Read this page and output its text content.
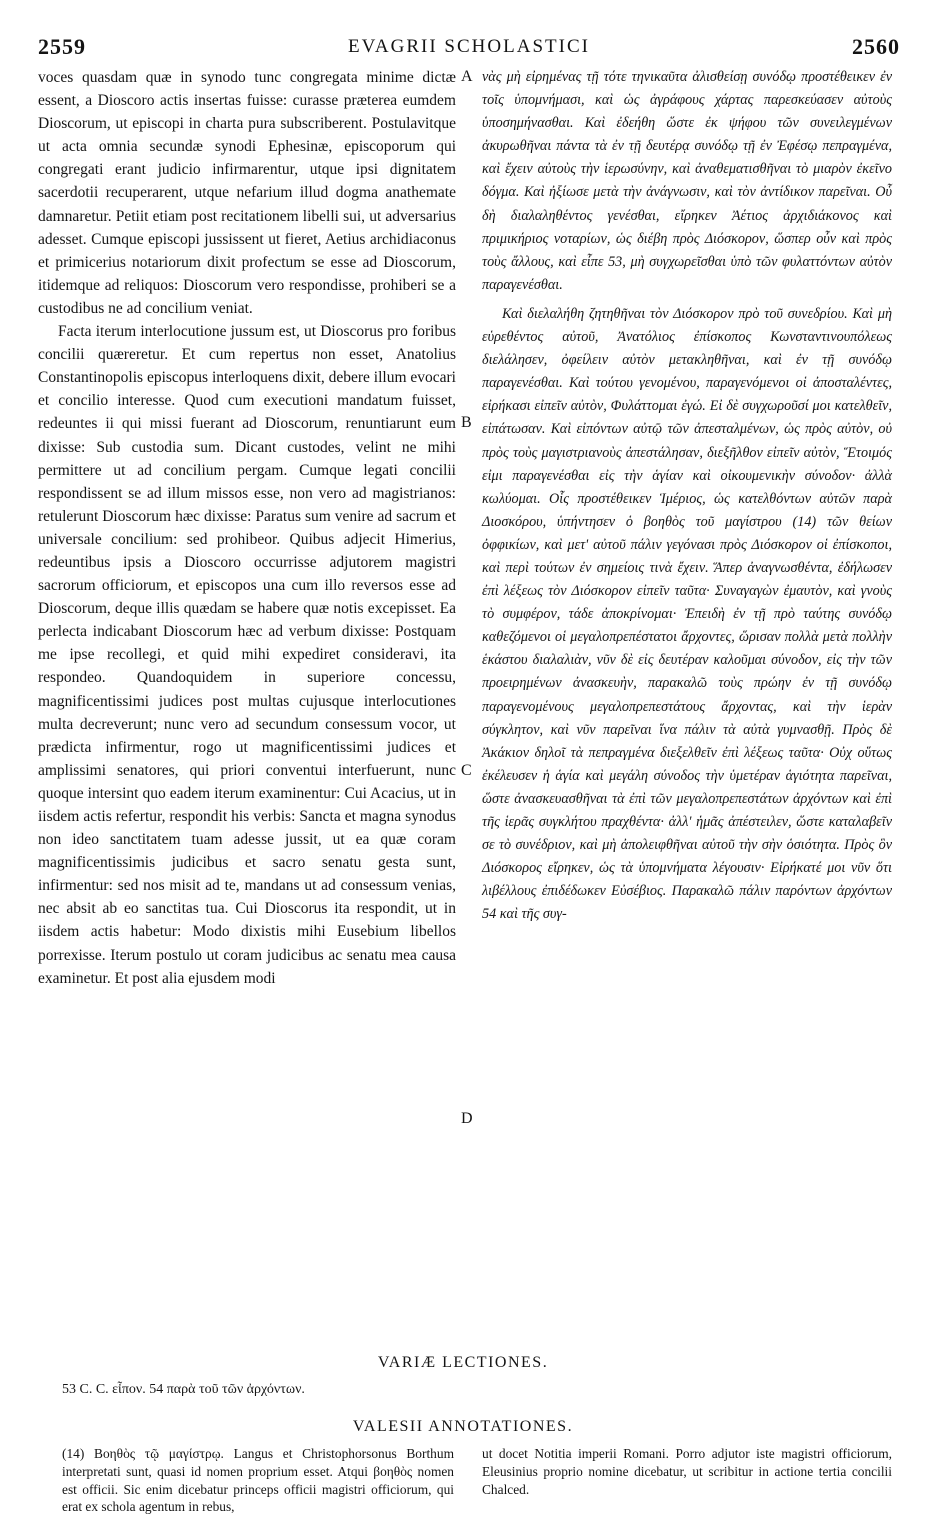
2559	EVAGRII SCHOLASTICI	2560

voces quasdam quæ in synodo tunc congregata minime dictæ essent, a Dioscoro actis insertas fuisse: curasse præterea eumdem Dioscorum, ut episcopi in charta pura subscriberent. Postulavitque ut acta omnia secundæ synodi Ephesinæ, episcoporum qui congregati erant judicio infirmarentur, utque ipsi dignitatem sacerdotii recuperarent, utque nefarium illud dogma anathemate damnaretur. Petiit etiam post recitationem libelli sui, ut adversarius adesset. Cumque episcopi jussissent ut fieret, Aetius archidiaconus et primicerius notariorum dixit profectum se esse ad Dioscorum, itidemque ad reliquos: Dioscorum vero respondisse, prohiberi se a custodibus ne ad concilium veniat.

Facta iterum interlocutione jussum est, ut Dioscorus pro foribus concilii quæreretur. Et cum repertus non esset, Anatolius Constantinopolis episcopus interloquens dixit, debere illum evocari et concilio interesse. Quod cum executioni mandatum fuisset, redeuntes ii qui missi fuerant ad Dioscorum, renuntiarunt eum dixisse: Sub custodia sum. Dicant custodes, velint ne mihi permittere ut ad concilium pergam. Cumque legati concilii respondissent se ad illum missos esse, non vero ad magistrianos: retulerunt Dioscorum hæc dixisse: Paratus sum venire ad sacrum et universale concilium: sed prohibeor. Quibus adjecit Himerius, redeuntibus ipsis a Dioscoro occurrisse adjutorem magistri sacrorum officiorum, et episcopos una cum illo reversos esse ad Dioscorum, deque illis quædam se habere quæ notis excepisset. Ea perlecta indicabant Dioscorum hæc ad verbum dixisse: Postquam me ipse recollegi, et quid mihi expediret consideravi, ita respondeo. Quandoquidem in superiore concessu, magnificentissimi judices post multas cujusque interlocutiones multa decreverunt; nunc vero ad secundum consessum vocor, ut prædicta infirmentur, rogo ut magnificentissimi judices et amplissimi senatores, qui priori conventui interfuerunt, nunc quoque intersint quo eadem iterum examinentur: Cui Acacius, ut in iisdem actis refertur, respondit his verbis: Sancta et magna synodus non ideo sanctitatem tuam adesse jussit, ut ea quæ coram magnificentissimis judicibus et sacro senatu gesta sunt, infirmentur: sed nos misit ad te, mandans ut ad consessum venias, nec absit ab eo sanctitas tua. Cui Dioscorus ita respondit, ut in iisdem actis habetur: Modo dixistis mihi Eusebium libellos porrexisse. Iterum postulo ut coram judicibus ac senatu mea causa examinetur. Et post alia ejusdem modi

A
B
C
D

νὰς μὴ εἰρημένας τῇ τότε τηνικαῦτα ἀλισθείσῃ συνόδῳ προστέθεικεν ἐν τοῖς ὑπομνήμασι, καὶ ὡς ἀγράφους χάρτας παρεσκεύασεν αὐτοὺς ὑποσημήνασθαι. Καὶ ἐδεήθη ὥστε ἐκ ψήφου τῶν συνειλεγμένων ἀκυρωθῆναι πάντα τὰ ἐν τῇ δευτέρᾳ συνόδῳ τῇ ἐν Ἐφέσῳ πεπραγμένα, καὶ ἔχειν αὐτοὺς τὴν ἱερωσύνην, καὶ ἀναθεματισθῆναι τὸ μιαρὸν ἐκεῖνο δόγμα. Καὶ ἠξίωσε μετὰ τὴν ἀνάγνωσιν, καὶ τὸν ἀντίδικον παρεῖναι. Οὗ δὴ διαλαληθέντος γενέσθαι, εἴρηκεν Ἀέτιος ἀρχιδιάκονος καὶ πριμικήριος νοταρίων, ὡς διέβη πρὸς Διόσκορον, ὥσπερ οὖν καὶ πρὸς τοὺς ἄλλους, καὶ εἶπε 53, μὴ συγχωρεῖσθαι ὑπὸ τῶν φυλαττόντων αὐτὸν παραγενέσθαι.

Καὶ διελαλήθη ζητηθῆναι τὸν Διόσκορον πρὸ τοῦ συνεδρίου. Καὶ μὴ εὑρεθέντος αὐτοῦ, Ἀνατόλιος ἐπίσκοπος Κωνσταντινουπόλεως διελάλησεν, ὀφείλειν αὐτὸν μετακληθῆναι, καὶ ἐν τῇ συνόδῳ παραγενέσθαι. Καὶ τούτου γενομένου, παραγενόμενοι οἱ ἀποσταλέντες, εἰρήκασι εἰπεῖν αὐτὸν, Φυλάττομαι ἐγώ. Εἰ δὲ συγχωροῦσί μοι κατελθεῖν, εἰπάτωσαν. Καὶ εἰπόντων αὐτῷ τῶν ἀπεσταλμένων, ὡς πρὸς αὐτὸν, οὐ πρὸς τοὺς μαγιστριανοὺς ἀπεστάλησαν, διεξῆλθον εἰπεῖν αὐτὸν, Ἕτοιμός εἰμι παραγενέσθαι εἰς τὴν ἁγίαν καὶ οἰκουμενικὴν σύνοδον· ἀλλὰ κωλύομαι. Οἷς προστέθεικεν Ἱμέριος, ὡς κατελθόντων αὐτῶν παρὰ Διοσκόρου, ὑπήντησεν ὁ βοηθὸς τοῦ μαγίστρου (14) τῶν θείων ὀφφικίων, καὶ μετ' αὐτοῦ πάλιν γεγόνασι πρὸς Διόσκορον οἱ ἐπίσκοποι, καὶ περὶ τούτων ἐν σημείοις τινὰ ἔχειν. Ἅπερ ἀναγνωσθέντα, ἐδήλωσεν ἐπὶ λέξεως τὸν Διόσκορον εἰπεῖν ταῦτα· Συναγαγὼν ἐμαυτὸν, καὶ γνοὺς τὸ συμφέρον, τάδε ἀποκρίνομαι· Ἐπειδὴ ἐν τῇ πρὸ ταύτης συνόδῳ καθεζόμενοι οἱ μεγαλοπρεπέστατοι ἄρχοντες, ὥρισαν πολλὰ μετὰ πολλὴν ἑκάστου διαλαλιὰν, νῦν δὲ εἰς δευτέραν καλοῦμαι σύνοδον, εἰς τὴν τῶν προειρημένων ἀνασκευὴν, παρακαλῶ τοὺς πρώην ἐν τῇ συνόδῳ παραγενομένους μεγαλοπρεπεστάτους ἄρχοντας, καὶ τὴν ἱερὰν σύγκλητον, καὶ νῦν παρεῖναι ἵνα πάλιν τὰ αὐτὰ γυμνασθῇ. Πρὸς δὲ Ἀκάκιον δηλοῖ τὰ πεπραγμένα διεξελθεῖν ἐπὶ λέξεως ταῦτα· Οὐχ οὕτως ἐκέλευσεν ἡ ἁγία καὶ μεγάλη σύνοδος τὴν ὑμετέραν ἁγιότητα παρεῖναι, ὥστε ἀνασκευασθῆναι τὰ ἐπὶ τῶν μεγαλοπρεπεστάτων ἀρχόντων καὶ ἐπὶ τῆς ἱερᾶς συγκλήτου πραχθέντα· ἀλλ' ἡμᾶς ἀπέστειλεν, ὥστε καταλαβεῖν σε τὸ συνέδριον, καὶ μὴ ἀπολειφθῆναι αὐτοῦ τὴν σὴν ὁσιότητα. Πρὸς ὃν Διόσκορος εἴρηκεν, ὡς τὰ ὑπομνήματα λέγουσιν· Εἰρήκατέ μοι νῦν ὅτι λιβέλλους ἐπιδέδωκεν Εὐσέβιος. Παρακαλῶ πάλιν παρόντων ἀρχόντων 54 καὶ τῆς συγ-

VARIÆ LECTIONES.
53 C. C. εἶπον. 54 παρὰ τοῦ τῶν ἀρχόντων.
VALESII ANNOTATIONES.
(14) Βοηθὸς τῷ μαγίστρῳ. Langus et Christophorsonus Borthum interpretati sunt, quasi id nomen proprium esset. Atqui βοηθὸς nomen est officii. Sic enim dicebatur princeps officii magistri officiorum, qui erat ex schola agentum in rebus,
ut docet Notitia imperii Romani. Porro adjutor iste magistri officiorum, Eleusinius proprio nomine dicebatur, ut scribitur in actione tertia concilii Chalced.
